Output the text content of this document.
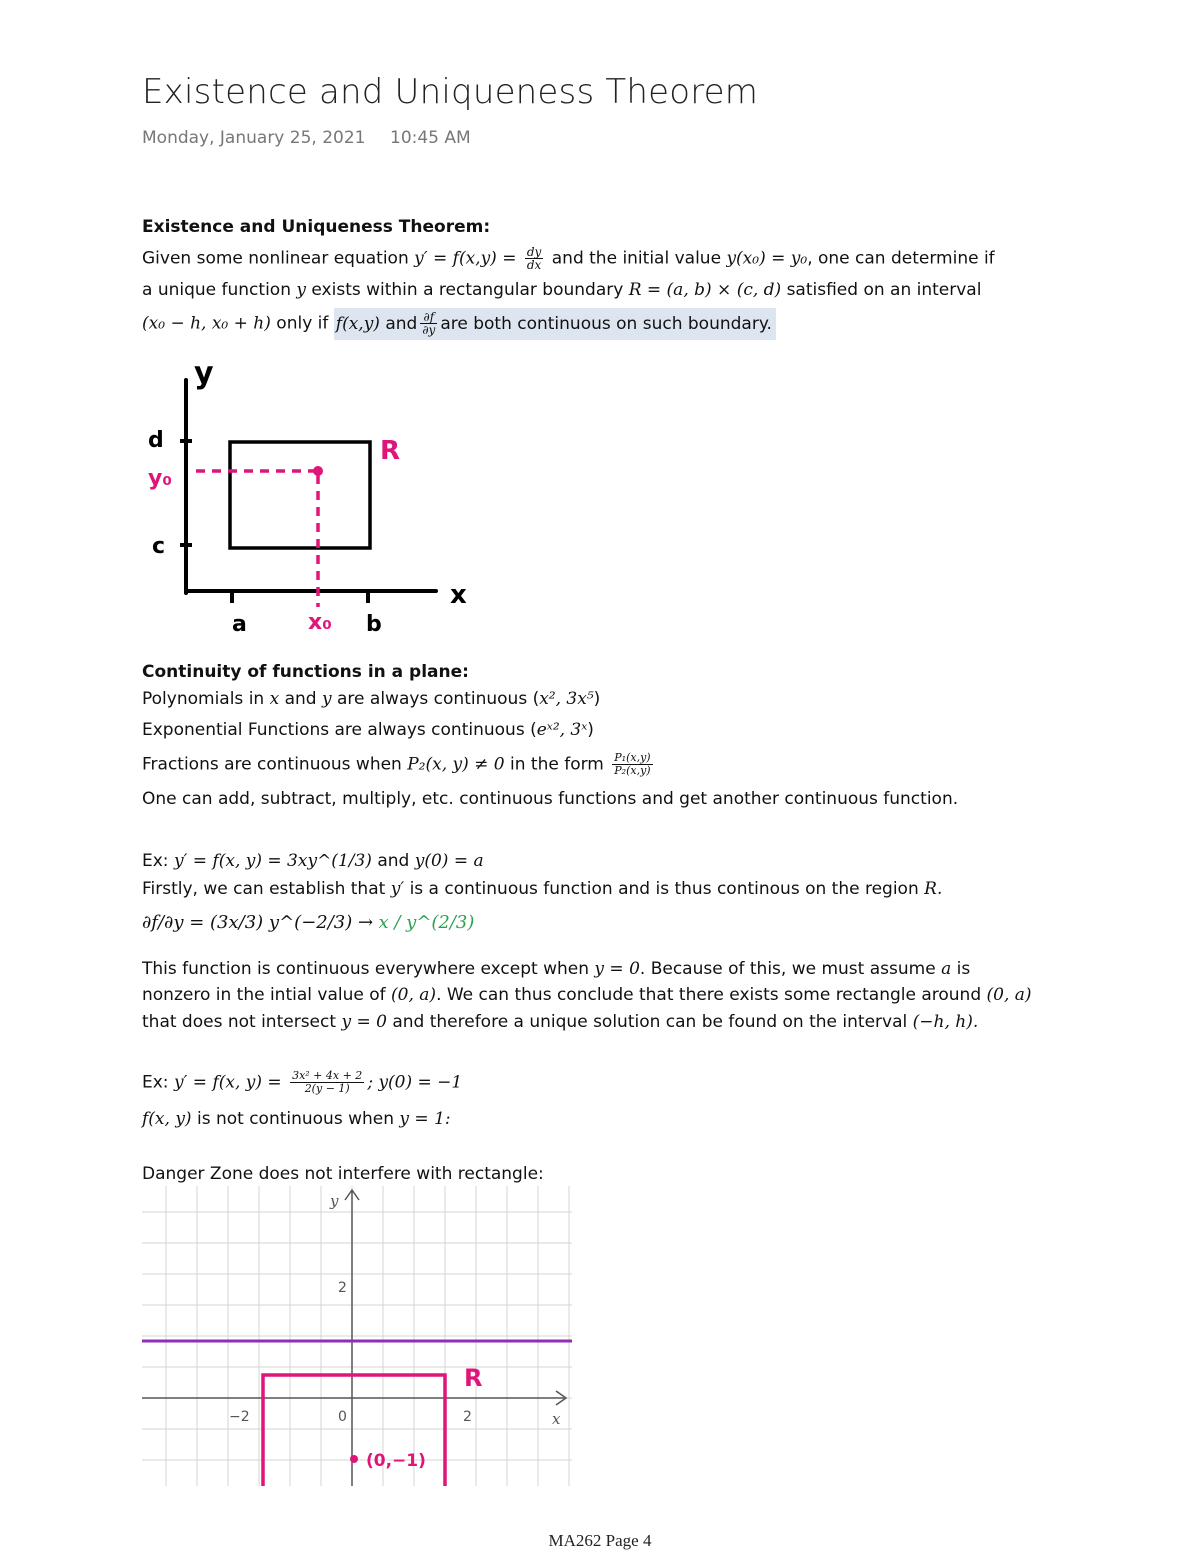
Existence and Uniqueness Theorem
Monday, January 25, 2021 10:45 AM
Existence and Uniqueness Theorem:
Given some nonlinear equation $y' = f(x,y) = \frac{dy}{dx}$ and the initial value y(x₀) = y₀, one can determine if
a unique function y exists within a rectangular boundary R = (a, b) × (c, d) satisfied on an interval
(x₀ − h, x₀ + h) only if f(x,y) and $\frac{\partial f}{\partial y}$ are both continuous on such boundary.
y
x
d
c
a	b
y₀
x₀
R
Continuity of functions in a plane:
Polynomials in x and y are always continuous (x², 3x⁵)
Exponential Functions are always continuous (eˣ², 3ˣ)
Fractions are continuous when P₂(x, y) ≠ 0 in the form $\frac{\text{P₁(x,y)}}{\text{P₂(x,y)}}$
One can add, subtract, multiply, etc. continuous functions and get another continuous function.
Ex: y′ = f(x, y) = 3xy^(1/3) and y(0) = a
Firstly, we can establish that y′ is a continuous function and is thus continous on the region R.
∂f/∂y = (3x/3) y^(−2/3) → x / y^(2/3)
This function is continuous everywhere except when y = 0. Because of this, we must assume a is
nonzero in the intial value of (0, a). We can thus conclude that there exists some rectangle around (0, a)
that does not intersect y = 0 and therefore a unique solution can be found on the interval (−h, h).
Ex: y′ = f(x, $y) = \frac{\text{3x² + 4x + 2}}{2(y - 1)}$ ; y(0) = −1
f(x, y) is not continuous when y = 1:
Danger Zone does not interfere with rectangle:
y
x
−2	0	2
2
R
(0,−1)
MA262 Page 4
